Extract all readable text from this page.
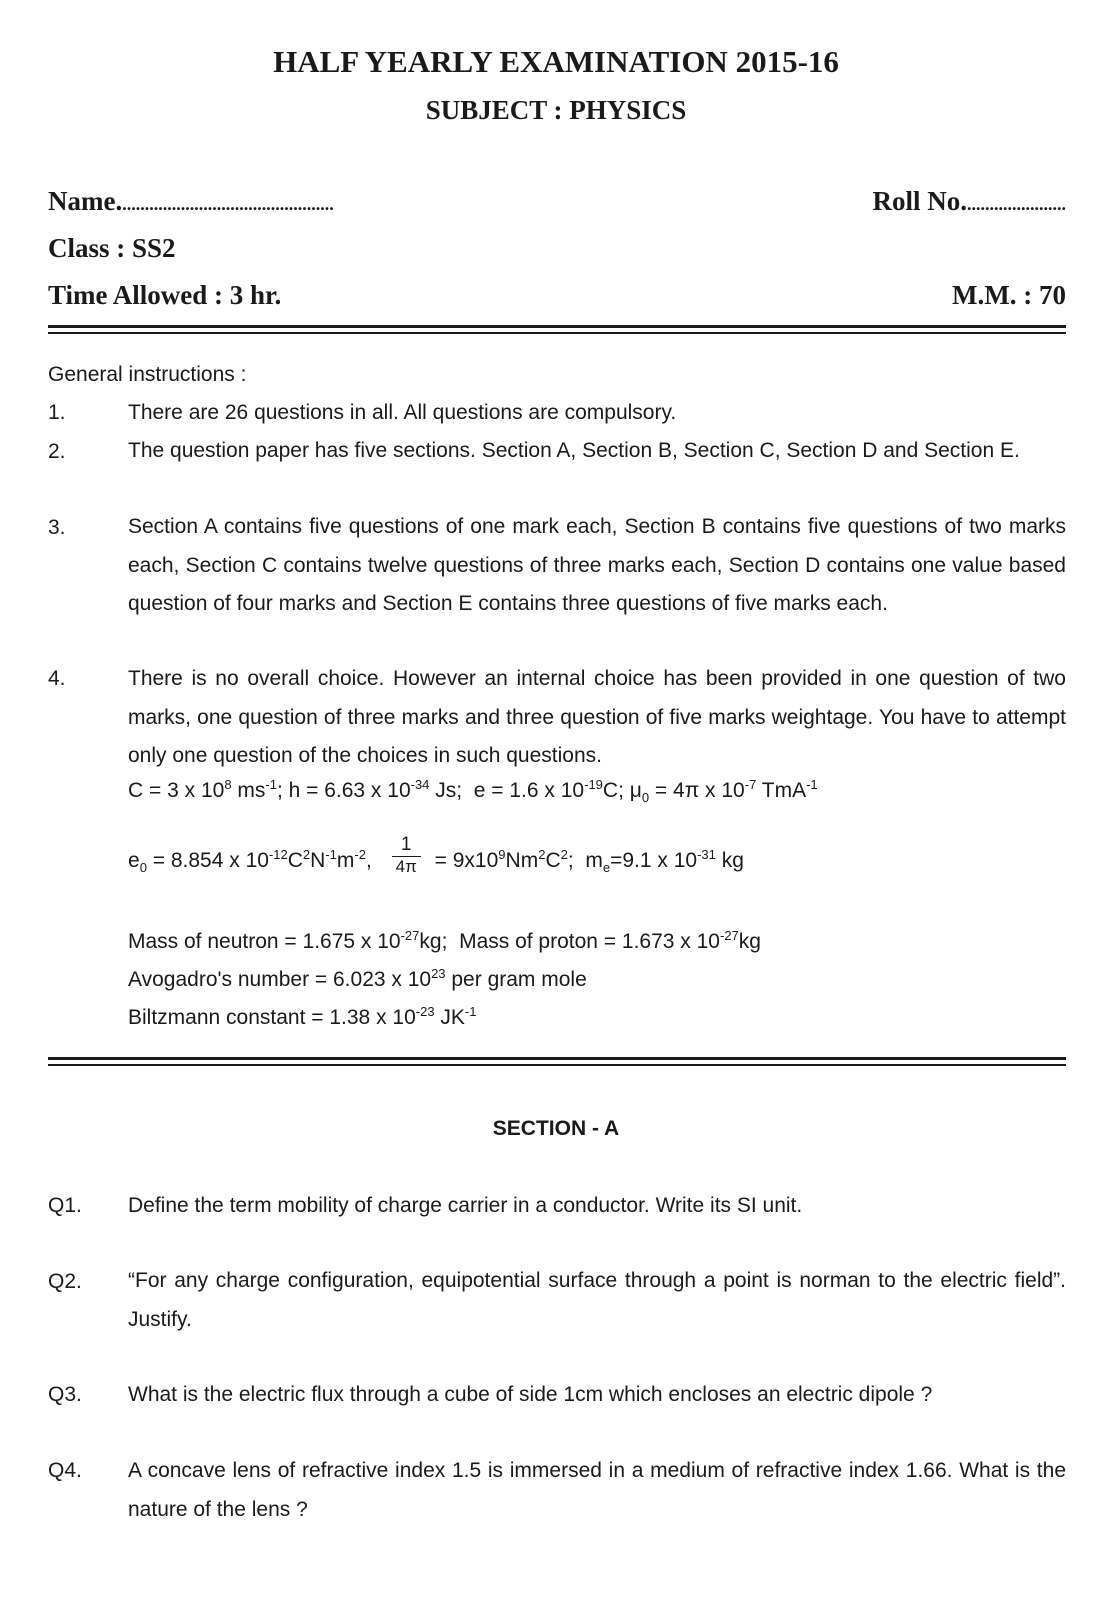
HALF YEARLY EXAMINATION 2015-16
SUBJECT : PHYSICS
Name................................................	Roll No.......................
Class : SS2
Time Allowed : 3 hr.	M.M. : 70
General instructions :
1.	There are 26 questions in all. All questions are compulsory.
2.	The question paper has five sections. Section A, Section B, Section C, Section D and Section E.
3.	Section A contains five questions of one mark each, Section B contains five questions of two marks each, Section C contains twelve questions of three marks each, Section D contains one value based question of four marks and Section E contains three questions of five marks each.
4.	There is no overall choice. However an internal choice has been provided in one question of two marks, one question of three marks and three question of five marks weightage. You have to attempt only one question of the choices in such questions.
C = 3 x $10^8$ $ms^{-1}$; h = 6.63 x $10^{-34}$ Js; e = 1.6 x $10^{-19}C$; $\mu_0 = 4\pi$ x $10^{-7}$ TmA$^{-1}$
$e_0 = 8.854$ x $10^{-12}C^2N^{-1}m^{-2}$, $\frac{1}{4\pi} = 9x10^9Nm^2C^2$; $m_e=9.1$ x $10^{-31}$ kg
Mass of neutron = 1.675 x $10^{-27}kg$; Mass of proton = 1.673 x $10^{-27}kg$
Avogadro's number = 6.023 x $10^{23}$ per gram mole
Biltzmann constant = 1.38 x $10^{-23}$ $JK^{-1}$
SECTION - A
Q1. Define the term mobility of charge carrier in a conductor. Write its SI unit.
Q2. “For any charge configuration, equipotential surface through a point is norman to the electric field”. Justify.
Q3. What is the electric flux through a cube of side 1cm which encloses an electric dipole ?
Q4. A concave lens of refractive index 1.5 is immersed in a medium of refractive index 1.66. What is the nature of the lens ?
